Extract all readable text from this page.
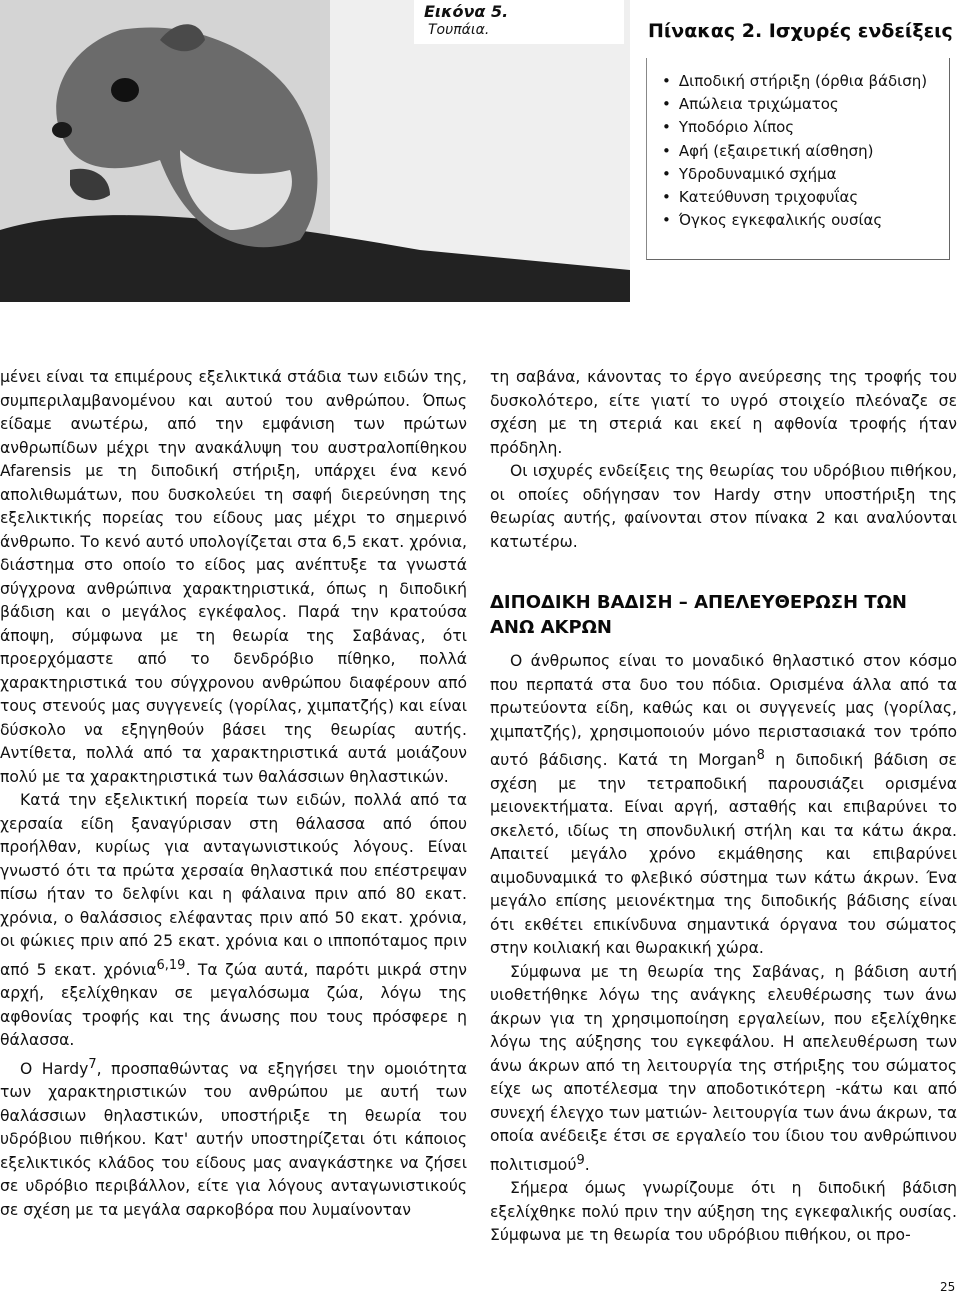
Εικόνα 5.
Τουπάια.	Πίνακας 2. Ισχυρές ενδείξεις
• Διποδική στήριξη (όρθια βάδιση)
• Απώλεια τριχώματος
• Υποδόριο λίπος
• Αφή (εξαιρετική αίσθηση)
• Υδροδυναμικό σχήμα
• Κατεύθυνση τριχοφυΐας
• Όγκος εγκεφαλικής ουσίας

μένει είναι τα επιμέρους εξελικτικά στάδια των ειδών της, συμπεριλαμβανομένου και αυτού του ανθρώπου. Όπως είδαμε ανωτέρω, από την εμφάνιση των πρώτων ανθρωπίδων μέχρι την ανακάλυψη του αυστραλοπίθηκου Afarensis με τη διποδική στήριξη, υπάρχει ένα κενό απολιθωμάτων, που δυσκολεύει τη σαφή διερεύνηση της εξελικτικής πορείας του είδους μας μέχρι το σημερινό άνθρωπο. Το κενό αυτό υπολογίζεται στα 6,5 εκατ. χρόνια, διάστημα στο οποίο το είδος μας ανέπτυξε τα γνωστά σύγχρονα ανθρώπινα χαρακτηριστικά, όπως η διποδική βάδιση και ο μεγάλος εγκέφαλος. Παρά την κρατούσα άποψη, σύμφωνα με τη θεωρία της Σαβάνας, ότι προερχόμαστε από το δενδρόβιο πίθηκο, πολλά χαρακτηριστικά του σύγχρονου ανθρώπου διαφέρουν από τους στενούς μας συγγενείς (γορίλας, χιμπατζής) και είναι δύσκολο να εξηγηθούν βάσει της θεωρίας αυτής. Αντίθετα, πολλά από τα χαρακτηριστικά αυτά μοιάζουν πολύ με τα χαρακτηριστικά των θαλάσσιων θηλαστικών.

Κατά την εξελικτική πορεία των ειδών, πολλά από τα χερσαία είδη ξαναγύρισαν στη θάλασσα από όπου προήλθαν, κυρίως για ανταγωνιστικούς λόγους. Είναι γνωστό ότι τα πρώτα χερσαία θηλαστικά που επέστρεψαν πίσω ήταν το δελφίνι και η φάλαινα πριν από 80 εκατ. χρόνια, ο θαλάσσιος ελέφαντας πριν από 50 εκατ. χρόνια, οι φώκιες πριν από 25 εκατ. χρόνια και ο ιπποπόταμος πριν από 5 εκατ. χρόνια$^{6,19}$. Τα ζώα αυτά, παρότι μικρά στην αρχή, εξελίχθηκαν σε μεγαλόσωμα ζώα, λόγω της αφθονίας τροφής και της άνωσης που τους πρόσφερε η θάλασσα.

Ο Hardy$^7$, προσπαθώντας να εξηγήσει την ομοιότητα των χαρακτηριστικών του ανθρώπου με αυτή των θαλάσσιων θηλαστικών, υποστήριξε τη θεωρία του υδρόβιου πιθήκου. Κατ' αυτήν υποστηρίζεται ότι κάποιος εξελικτικός κλάδος του είδους μας αναγκάστηκε να ζήσει σε υδρόβιο περιβάλλον, είτε για λόγους ανταγωνιστικούς σε σχέση με τα μεγάλα σαρκοβόρα που λυμαίνονταν

τη σαβάνα, κάνοντας το έργο ανεύρεσης της τροφής του δυσκολότερο, είτε γιατί το υγρό στοιχείο πλεόναζε σε σχέση με τη στεριά και εκεί η αφθονία τροφής ήταν πρόδηλη.

Οι ισχυρές ενδείξεις της θεωρίας του υδρόβιου πιθήκου, οι οποίες οδήγησαν τον Hardy στην υποστήριξη της θεωρίας αυτής, φαίνονται στον πίνακα 2 και αναλύονται κατωτέρω.

ΔΙΠΟΔΙΚΗ ΒΑΔΙΣΗ – ΑΠΕΛΕΥΘΕΡΩΣΗ ΤΩΝ ΑΝΩ ΑΚΡΩΝ

Ο άνθρωπος είναι το μοναδικό θηλαστικό στον κόσμο που περπατά στα δυο του πόδια. Ορισμένα άλλα από τα πρωτεύοντα είδη, καθώς και οι συγγενείς μας (γορίλας, χιμπατζής), χρησιμοποιούν μόνο περιστασιακά τον τρόπο αυτό βάδισης. Κατά τη Morgan$^8$ η διποδική βάδιση σε σχέση με την τετραποδική παρουσιάζει ορισμένα μειονεκτήματα. Είναι αργή, ασταθής και επιβαρύνει το σκελετό, ιδίως τη σπονδυλική στήλη και τα κάτω άκρα. Απαιτεί μεγάλο χρόνο εκμάθησης και επιβαρύνει αιμοδυναμικά το φλεβικό σύστημα των κάτω άκρων. Ένα μεγάλο επίσης μειονέκτημα της διποδικής βάδισης είναι ότι εκθέτει επικίνδυνα σημαντικά όργανα του σώματος στην κοιλιακή και θωρακική χώρα.

Σύμφωνα με τη θεωρία της Σαβάνας, η βάδιση αυτή υιοθετήθηκε λόγω της ανάγκης ελευθέρωσης των άνω άκρων για τη χρησιμοποίηση εργαλείων, που εξελίχθηκε λόγω της αύξησης του εγκεφάλου. Η απελευθέρωση των άνω άκρων από τη λειτουργία της στήριξης του σώματος είχε ως αποτέλεσμα την αποδοτικότερη -κάτω και από συνεχή έλεγχο των ματιών- λειτουργία των άνω άκρων, τα οποία ανέδειξε έτσι σε εργαλείο του ίδιου του ανθρώπινου πολιτισμού$^9$.

Σήμερα όμως γνωρίζουμε ότι η διποδική βάδιση εξελίχθηκε πολύ πριν την αύξηση της εγκεφαλικής ουσίας. Σύμφωνα με τη θεωρία του υδρόβιου πιθήκου, οι προ-

25
